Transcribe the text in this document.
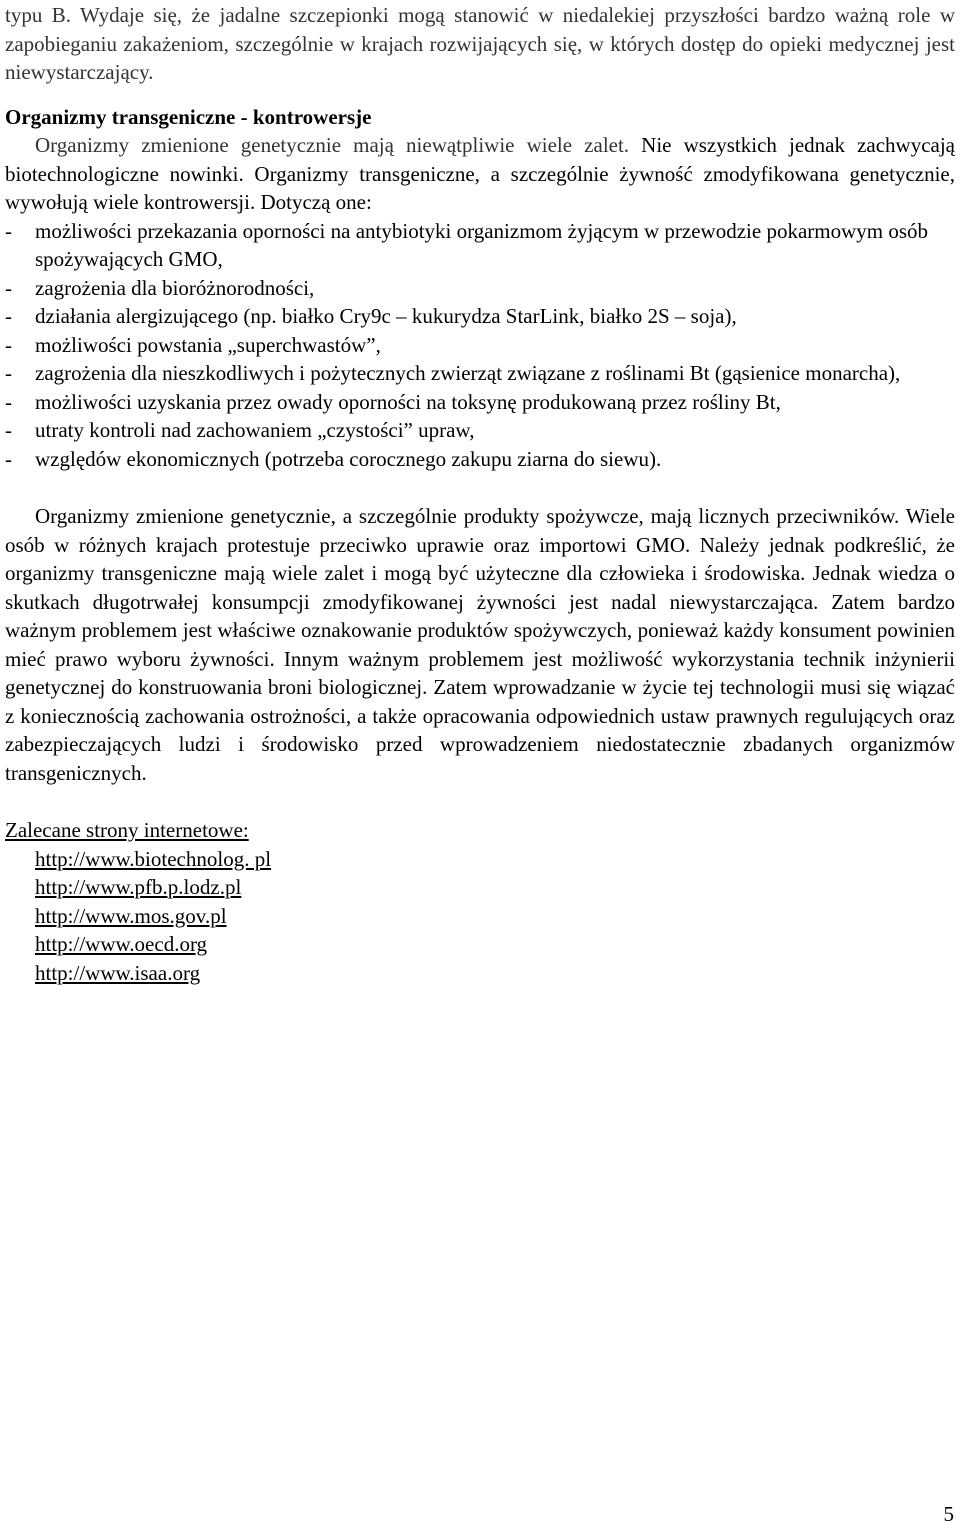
typu B. Wydaje się, że jadalne szczepionki mogą stanowić w niedalekiej przyszłości bardzo ważną role w zapobieganiu zakażeniom, szczególnie w krajach rozwijających się, w których dostęp do opieki medycznej jest niewystarczający.

Organizmy transgeniczne - kontrowersje

Organizmy zmienione genetycznie mają niewątpliwie wiele zalet. Nie wszystkich jednak zachwycają biotechnologiczne nowinki. Organizmy transgeniczne, a szczególnie żywność zmodyfikowana genetycznie, wywołują wiele kontrowersji. Dotyczą one:

- możliwości przekazania oporności na antybiotyki organizmom żyjącym w przewodzie pokarmowym osób spożywających GMO,
- zagrożenia dla bioróżnorodności,
- działania alergizującego (np. białko Cry9c – kukurydza StarLink, białko 2S – soja),
- możliwości powstania „superchwastów”,
- zagrożenia dla nieszkodliwych i pożytecznych zwierząt związane z roślinami Bt (gąsienice monarcha),
- możliwości uzyskania przez owady oporności na toksynę produkowaną przez rośliny Bt,
- utraty kontroli nad zachowaniem „czystości” upraw,
- względów ekonomicznych (potrzeba corocznego zakupu ziarna do siewu).

Organizmy zmienione genetycznie, a szczególnie produkty spożywcze, mają licznych przeciwników. Wiele osób w różnych krajach protestuje przeciwko uprawie oraz importowi GMO. Należy jednak podkreślić, że organizmy transgeniczne mają wiele zalet i mogą być użyteczne dla człowieka i środowiska. Jednak wiedza o skutkach długotrwałej konsumpcji zmodyfikowanej żywności jest nadal niewystarczająca. Zatem bardzo ważnym problemem jest właściwe oznakowanie produktów spożywczych, ponieważ każdy konsument powinien mieć prawo wyboru żywności. Innym ważnym problemem jest możliwość wykorzystania technik inżynierii genetycznej do konstruowania broni biologicznej. Zatem wprowadzanie w życie tej technologii musi się wiązać z koniecznością zachowania ostrożności, a także opracowania odpowiednich ustaw prawnych regulujących oraz zabezpieczających ludzi i środowisko przed wprowadzeniem niedostatecznie zbadanych organizmów transgenicznych.

Zalecane strony internetowe:

http://www.biotechnolog. pl
http://www.pfb.p.lodz.pl
http://www.mos.gov.pl
http://www.oecd.org
http://www.isaa.org
5
